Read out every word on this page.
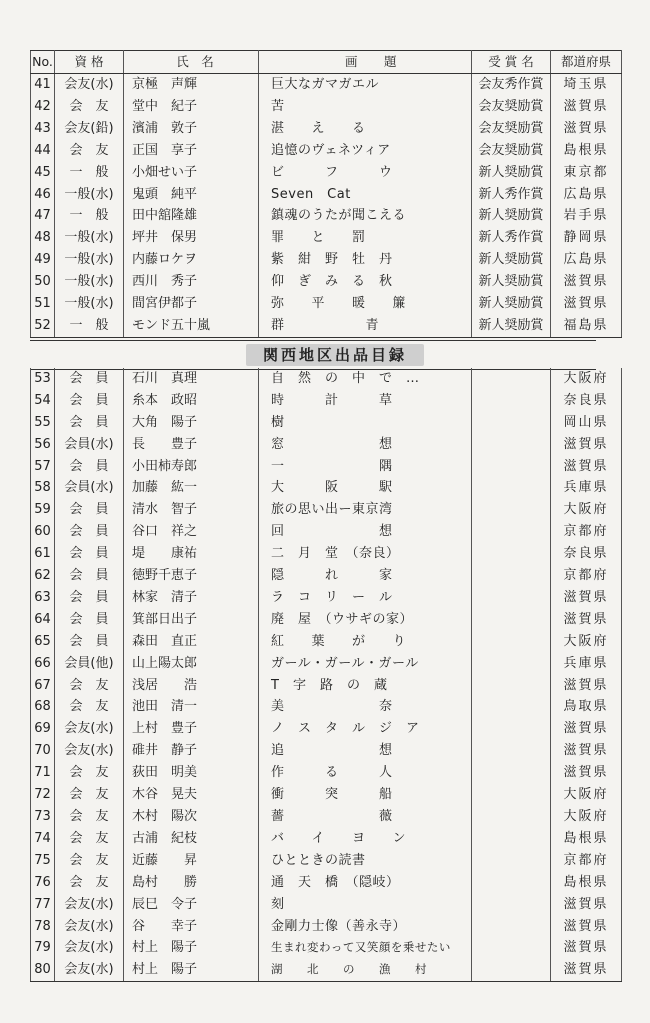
No.	資 格	氏　名	画　　題	受 賞 名	都道府県
41	会友(水)	京極　声輝	巨大なガマガエル	会友秀作賞	埼玉県
42	会　友	堂中　紀子	苦	会友奨励賞	滋賀県
43	会友(鉛)	濱浦　敦子	湛　　え　　る	会友奨励賞	滋賀県
44	会　友	正国　享子	追憶のヴェネツィア	会友奨励賞	島根県
45	一　般	小畑せい子	ビ　　　フ　　　ウ	新人奨励賞	東京都
46	一般(水)	鬼頭　純平	Seven　Cat	新人秀作賞	広島県
47	一　般	田中舘隆雄	鎮魂のうたが聞こえる	新人奨励賞	岩手県
48	一般(水)	坪井　保男	罪　　と　　罰	新人秀作賞	静岡県
49	一般(水)	内藤ロケヲ	紫　紺　野　牡　丹	新人奨励賞	広島県
50	一般(水)	西川　秀子	仰　ぎ　み　る　秋	新人奨励賞	滋賀県
51	一般(水)	間宮伊都子	弥　　平　　暖　　簾	新人奨励賞	滋賀県
52	一　般	モンド五十嵐	群　　　　　　青	新人奨励賞	福島県
関西地区出品目録
53	会　員	石川　真理	自　然　の　中　で　…		大阪府
54	会　員	糸本　政昭	時　　　計　　　草		奈良県
55	会　員	大角　陽子	樹		岡山県
56	会員(水)	長　　豊子	窓　　　　　　　想		滋賀県
57	会　員	小田柿寿郎	一　　　　　　　隅		滋賀県
58	会員(水)	加藤　紘一	大　　　阪　　　駅		兵庫県
59	会　員	清水　智子	旅の思い出ー東京湾		大阪府
60	会　員	谷口　祥之	回　　　　　　　想		京都府
61	会　員	堤　　康祐	二　月　堂　（奈良）		奈良県
62	会　員	徳野千恵子	隠　　　れ　　　家		京都府
63	会　員	林家　清子	ラ　コ　リ　ー　ル		滋賀県
64	会　員	箕部日出子	廃　屋　（ウサギの家）		滋賀県
65	会　員	森田　直正	紅　　葉　　が　　り		大阪府
66	会員(他)	山上陽太郎	ガール・ガール・ガール		兵庫県
67	会　友	浅居　　浩	T　字　路　の　蔵		滋賀県
68	会　友	池田　清一	美　　　　　　　奈		鳥取県
69	会友(水)	上村　豊子	ノ　ス　タ　ル　ジ　ア		滋賀県
70	会友(水)	碓井　静子	追　　　　　　　想		滋賀県
71	会　友	荻田　明美	作　　　る　　　人		滋賀県
72	会　友	木谷　晃夫	衝　　　突　　　船		大阪府
73	会　友	木村　陽次	薔　　　　　　　薇		大阪府
74	会　友	古浦　紀枝	バ　　イ　　ヨ　　ン		島根県
75	会　友	近藤　　昇	ひとときの読書		京都府
76	会　友	島村　　勝	通　天　橋　（隠岐）		島根県
77	会友(水)	辰巳　令子	刻		滋賀県
78	会友(水)	谷　　幸子	金剛力士像（善永寺）		滋賀県
79	会友(水)	村上　陽子	生まれ変わって又笑顔を乗せたい		滋賀県
80	会友(水)	村上　陽子	湖　　北　　の　　漁　　村		滋賀県
